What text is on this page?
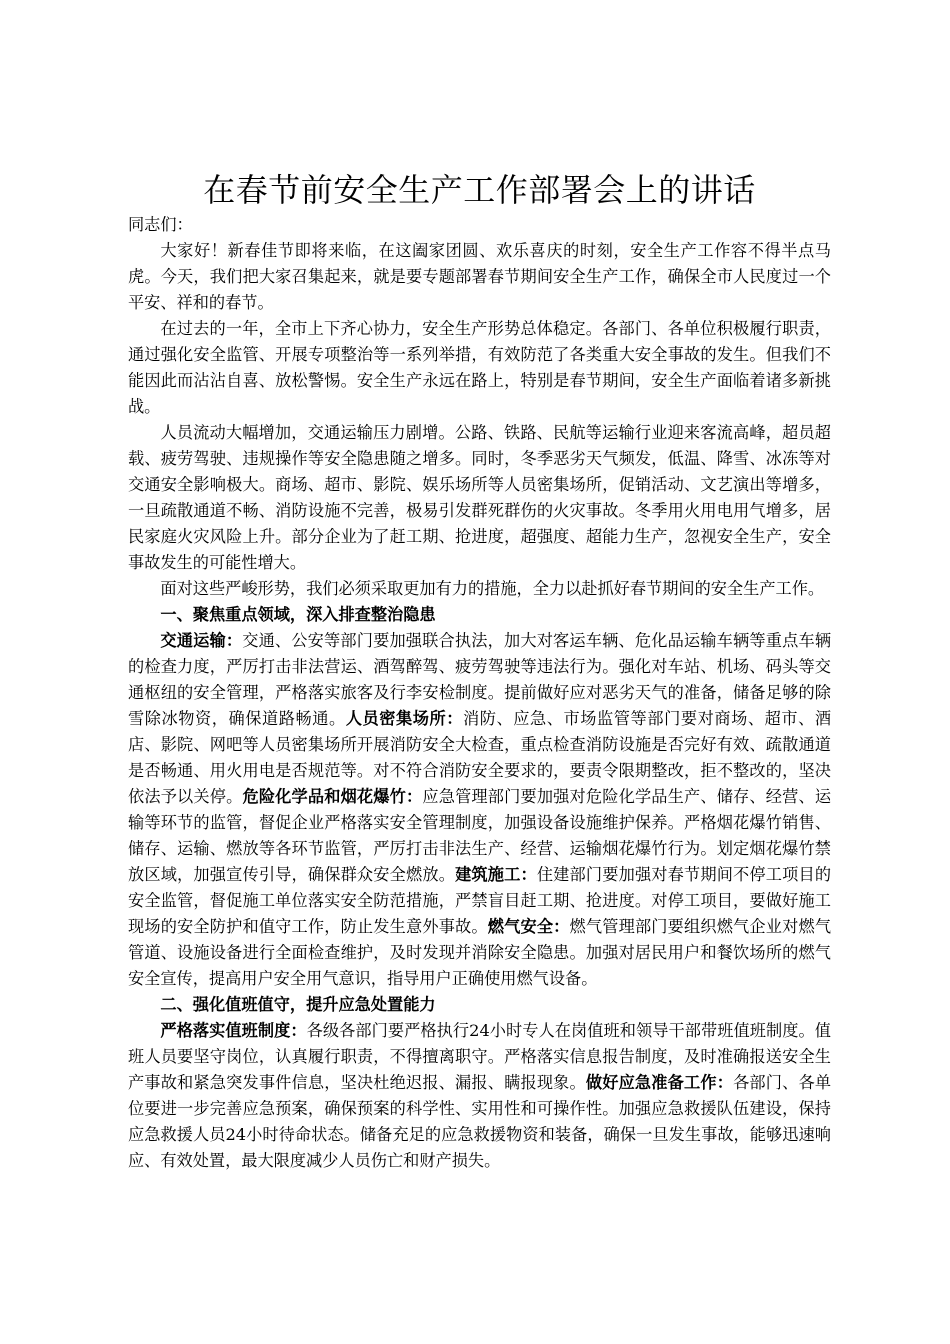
在春节前安全生产工作部署会上的讲话
同志们：

大家好！新春佳节即将来临，在这阖家团圆、欢乐喜庆的时刻，安全生产工作容不得半点马虎。今天，我们把大家召集起来，就是要专题部署春节期间安全生产工作，确保全市人民度过一个平安、祥和的春节。

在过去的一年，全市上下齐心协力，安全生产形势总体稳定。各部门、各单位积极履行职责，通过强化安全监管、开展专项整治等一系列举措，有效防范了各类重大安全事故的发生。但我们不能因此而沾沾自喜、放松警惕。安全生产永远在路上，特别是春节期间，安全生产面临着诸多新挑战。

人员流动大幅增加，交通运输压力剧增。公路、铁路、民航等运输行业迎来客流高峰，超员超载、疲劳驾驶、违规操作等安全隐患随之增多。同时，冬季恶劣天气频发，低温、降雪、冰冻等对交通安全影响极大。商场、超市、影院、娱乐场所等人员密集场所，促销活动、文艺演出等增多，一旦疏散通道不畅、消防设施不完善，极易引发群死群伤的火灾事故。冬季用火用电用气增多，居民家庭火灾风险上升。部分企业为了赶工期、抢进度，超强度、超能力生产，忽视安全生产，安全事故发生的可能性增大。

面对这些严峻形势，我们必须采取更加有力的措施，全力以赴抓好春节期间的安全生产工作。

一、聚焦重点领域，深入排查整治隐患

交通运输：交通、公安等部门要加强联合执法，加大对客运车辆、危化品运输车辆等重点车辆的检查力度，严厉打击非法营运、酒驾醉驾、疲劳驾驶等违法行为。强化对车站、机场、码头等交通枢纽的安全管理，严格落实旅客及行李安检制度。提前做好应对恶劣天气的准备，储备足够的除雪除冰物资，确保道路畅通。人员密集场所：消防、应急、市场监管等部门要对商场、超市、酒店、影院、网吧等人员密集场所开展消防安全大检查，重点检查消防设施是否完好有效、疏散通道是否畅通、用火用电是否规范等。对不符合消防安全要求的，要责令限期整改，拒不整改的，坚决依法予以关停。危险化学品和烟花爆竹：应急管理部门要加强对危险化学品生产、储存、经营、运输等环节的监管，督促企业严格落实安全管理制度，加强设备设施维护保养。严格烟花爆竹销售、储存、运输、燃放等各环节监管，严厉打击非法生产、经营、运输烟花爆竹行为。划定烟花爆竹禁放区域，加强宣传引导，确保群众安全燃放。建筑施工：住建部门要加强对春节期间不停工项目的安全监管，督促施工单位落实安全防范措施，严禁盲目赶工期、抢进度。对停工项目，要做好施工现场的安全防护和值守工作，防止发生意外事故。燃气安全：燃气管理部门要组织燃气企业对燃气管道、设施设备进行全面检查维护，及时发现并消除安全隐患。加强对居民用户和餐饮场所的燃气安全宣传，提高用户安全用气意识，指导用户正确使用燃气设备。

二、强化值班值守，提升应急处置能力

严格落实值班制度：各级各部门要严格执行24小时专人在岗值班和领导干部带班值班制度。值班人员要坚守岗位，认真履行职责，不得擅离职守。严格落实信息报告制度，及时准确报送安全生产事故和紧急突发事件信息，坚决杜绝迟报、漏报、瞒报现象。做好应急准备工作：各部门、各单位要进一步完善应急预案，确保预案的科学性、实用性和可操作性。加强应急救援队伍建设，保持应急救援人员24小时待命状态。储备充足的应急救援物资和装备，确保一旦发生事故，能够迅速响应、有效处置，最大限度减少人员伤亡和财产损失。
